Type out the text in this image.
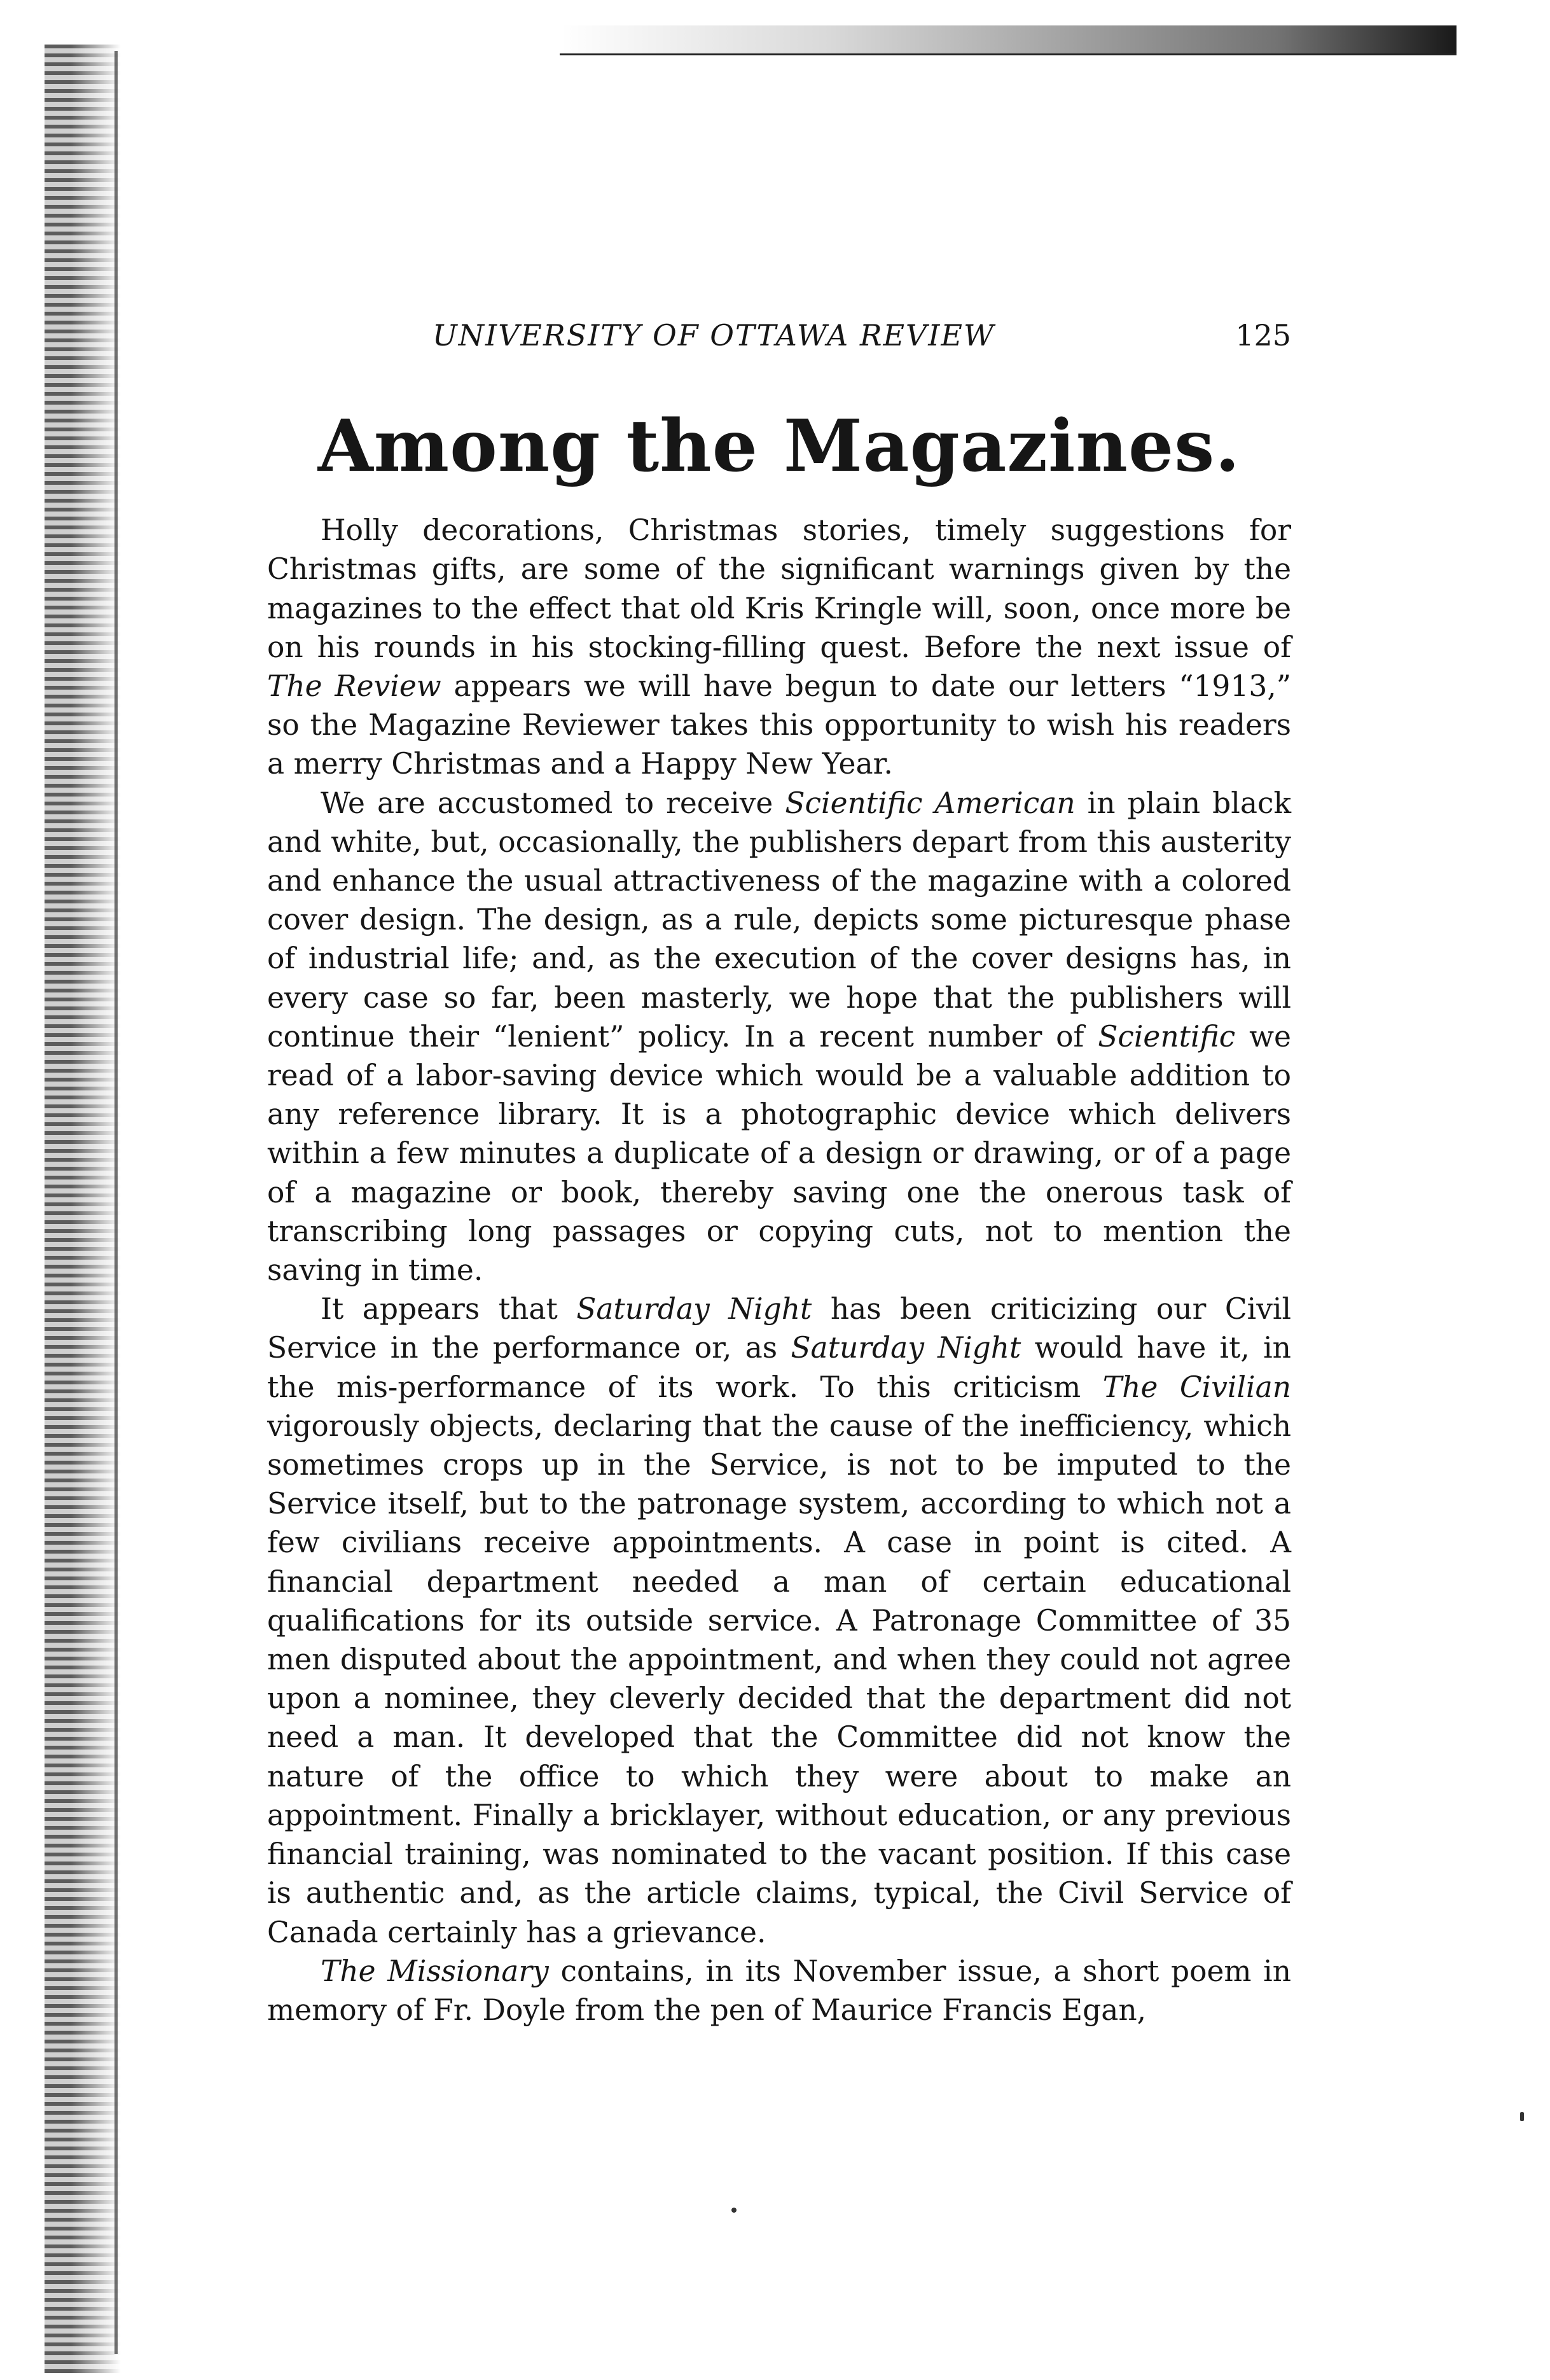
UNIVERSITY OF OTTAWA REVIEW	125
Among the Magazines.

Holly decorations, Christmas stories, timely suggestions for Christmas gifts, are some of the significant warnings given by the magazines to the effect that old Kris Kringle will, soon, once more be on his rounds in his stocking-filling quest. Before the next issue of The Review appears we will have begun to date our letters “1913,” so the Magazine Reviewer takes this opportunity to wish his readers a merry Christmas and a Happy New Year.

We are accustomed to receive Scientific American in plain black and white, but, occasionally, the publishers depart from this austerity and enhance the usual attractiveness of the magazine with a colored cover design. The design, as a rule, depicts some picturesque phase of industrial life; and, as the execution of the cover designs has, in every case so far, been masterly, we hope that the publishers will continue their “lenient” policy. In a recent number of Scientific we read of a labor-saving device which would be a valuable addition to any reference library. It is a photographic device which delivers within a few minutes a duplicate of a design or drawing, or of a page of a magazine or book, thereby saving one the onerous task of transcribing long passages or copying cuts, not to mention the saving in time.

It appears that Saturday Night has been criticizing our Civil Service in the performance or, as Saturday Night would have it, in the mis-performance of its work. To this criticism The Civilian vigorously objects, declaring that the cause of the inefficiency, which sometimes crops up in the Service, is not to be imputed to the Service itself, but to the patronage system, according to which not a few civilians receive appointments. A case in point is cited. A financial department needed a man of certain educational qualifications for its outside service. A Patronage Committee of 35 men disputed about the appointment, and when they could not agree upon a nominee, they cleverly decided that the department did not need a man. It developed that the Committee did not know the nature of the office to which they were about to make an appointment. Finally a bricklayer, without education, or any previous financial training, was nominated to the vacant position. If this case is authentic and, as the article claims, typical, the Civil Service of Canada certainly has a grievance.

The Missionary contains, in its November issue, a short poem in memory of Fr. Doyle from the pen of Maurice Francis Egan,
